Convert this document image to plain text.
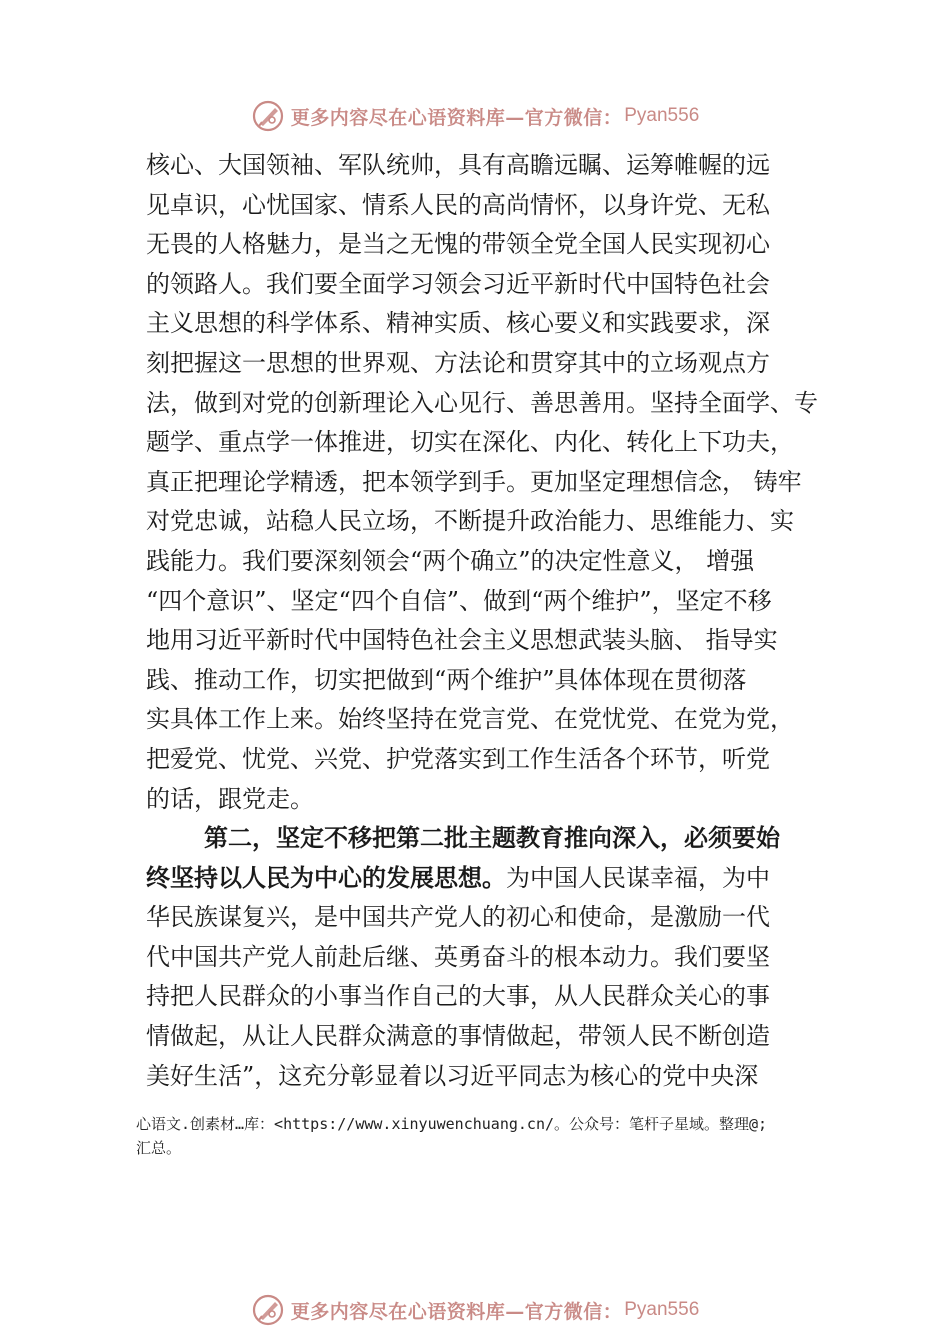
更多内容尽在心语资料库—官方微信： Pyan556
核心、大国领袖、军队统帅，具有高瞻远瞩、运筹帷幄的远
见卓识，心忧国家、情系人民的高尚情怀，以身许党、无私
无畏的人格魅力，是当之无愧的带领全党全国人民实现初心
的领路人。我们要全面学习领会习近平新时代中国特色社会
主义思想的科学体系、精神实质、核心要义和实践要求，深
刻把握这一思想的世界观、方法论和贯穿其中的立场观点方
法，做到对党的创新理论入心见行、善思善用。坚持全面学、专
题学、重点学一体推进，切实在深化、内化、转化上下功夫，
真正把理论学精透，把本领学到手。更加坚定理想信念， 铸牢
对党忠诚，站稳人民立场，不断提升政治能力、思维能力、实
践能力。我们要深刻领会“两个确立”的决定性意义， 增强
“四个意识”、坚定“四个自信”、做到“两个维护”，坚定不移
地用习近平新时代中国特色社会主义思想武装头脑、 指导实
践、推动工作，切实把做到“两个维护”具体体现在贯彻落
实具体工作上来。始终坚持在党言党、在党忧党、在党为党，
把爱党、忧党、兴党、护党落实到工作生活各个环节，听党
的话，跟党走。
第二，坚定不移把第二批主题教育推向深入，必须要始
终坚持以人民为中心的发展思想。为中国人民谋幸福，为中
华民族谋复兴，是中国共产党人的初心和使命，是激励一代
代中国共产党人前赴后继、英勇奋斗的根本动力。我们要坚
持把人民群众的小事当作自己的大事，从人民群众关心的事
情做起，从让人民群众满意的事情做起，带领人民不断创造
美好生活”，这充分彰显着以习近平同志为核心的党中央深
心语文.创素材…库：<https://www.xinyuwenchuang.cn/。公众号：笔杆子星域。整理@;
汇总。
更多内容尽在心语资料库—官方微信： Pyan556
